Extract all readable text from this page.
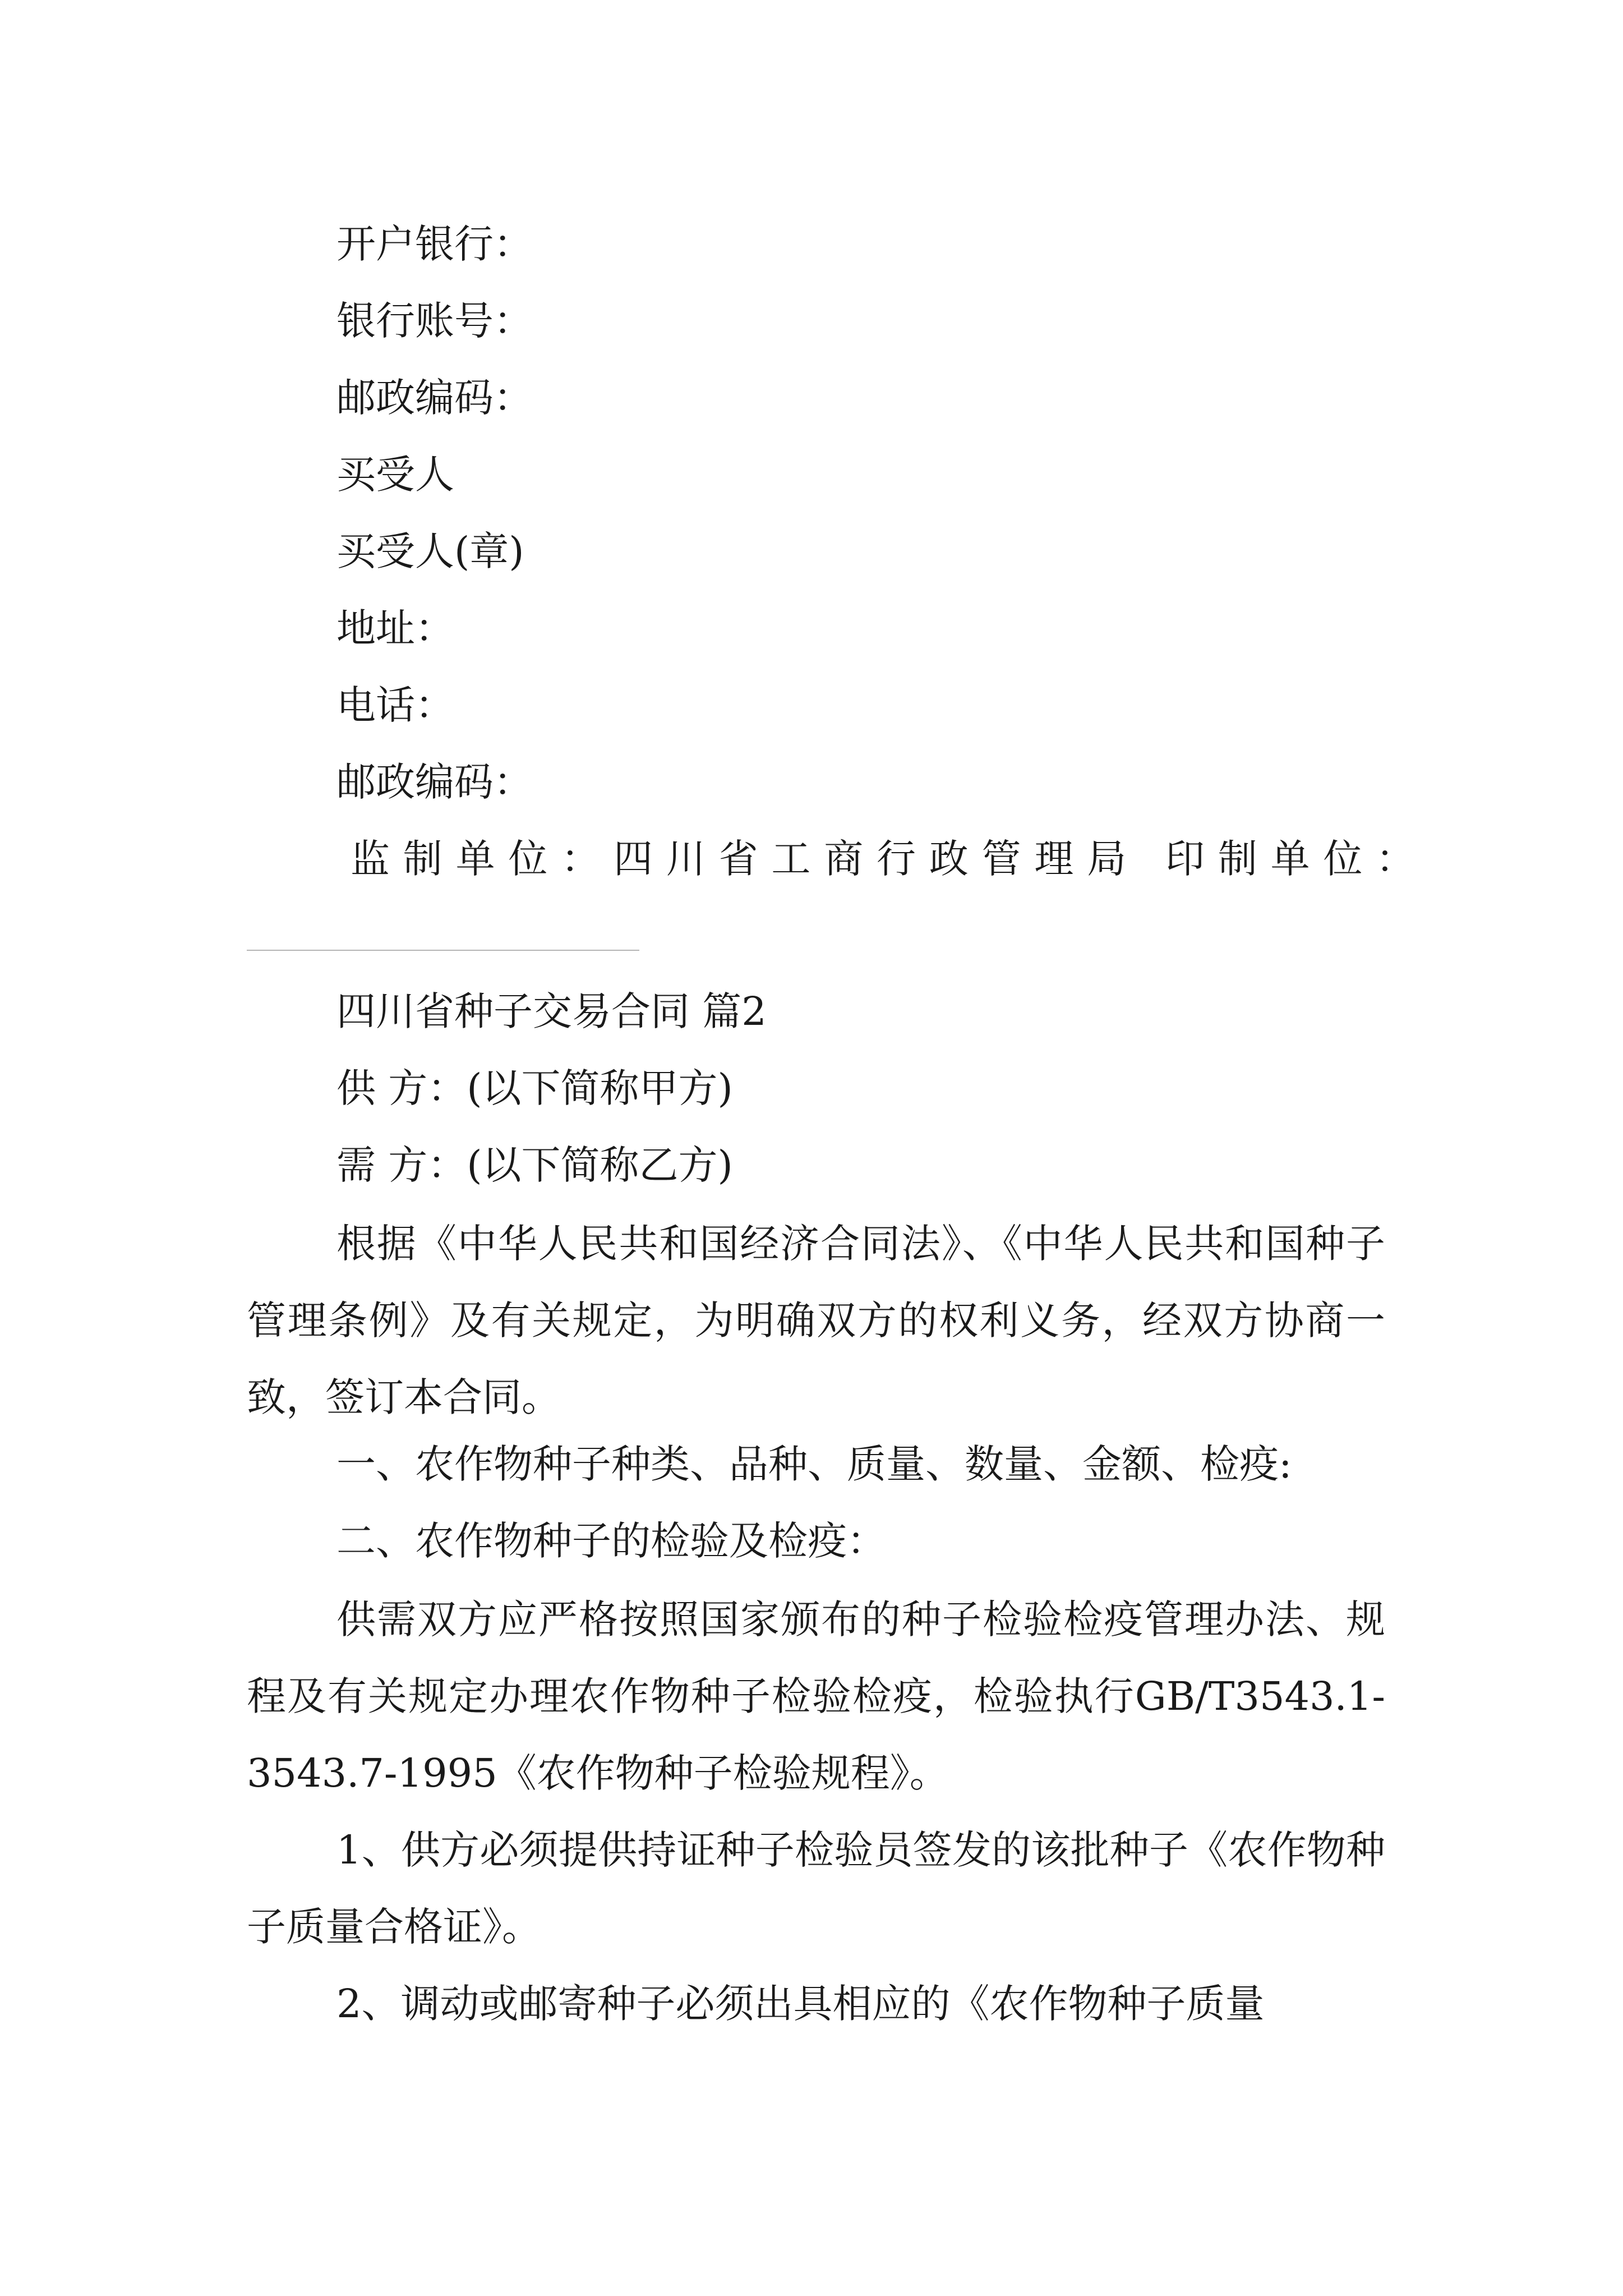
开户银行：
银行账号：
邮政编码：
买受人
买受人(章)
地址：
电话：
邮政编码：
监制单位：四川省工商行政管理局 印制单位：
四川省种子交易合同 篇2
供 方：(以下简称甲方)
需 方：(以下简称乙方)
根据《中华人民共和国经济合同法》、《中华人民共和国种子管理条例》及有关规定，为明确双方的权利义务，经双方协商一致，签订本合同。
一、农作物种子种类、品种、质量、数量、金额、检疫:
二、农作物种子的检验及检疫：
供需双方应严格按照国家颁布的种子检验检疫管理办法、规程及有关规定办理农作物种子检验检疫，检验执行GB/T3543.1-3543.7-1995《农作物种子检验规程》。
1、供方必须提供持证种子检验员签发的该批种子《农作物种子质量合格证》。
2、调动或邮寄种子必须出具相应的《农作物种子质量
